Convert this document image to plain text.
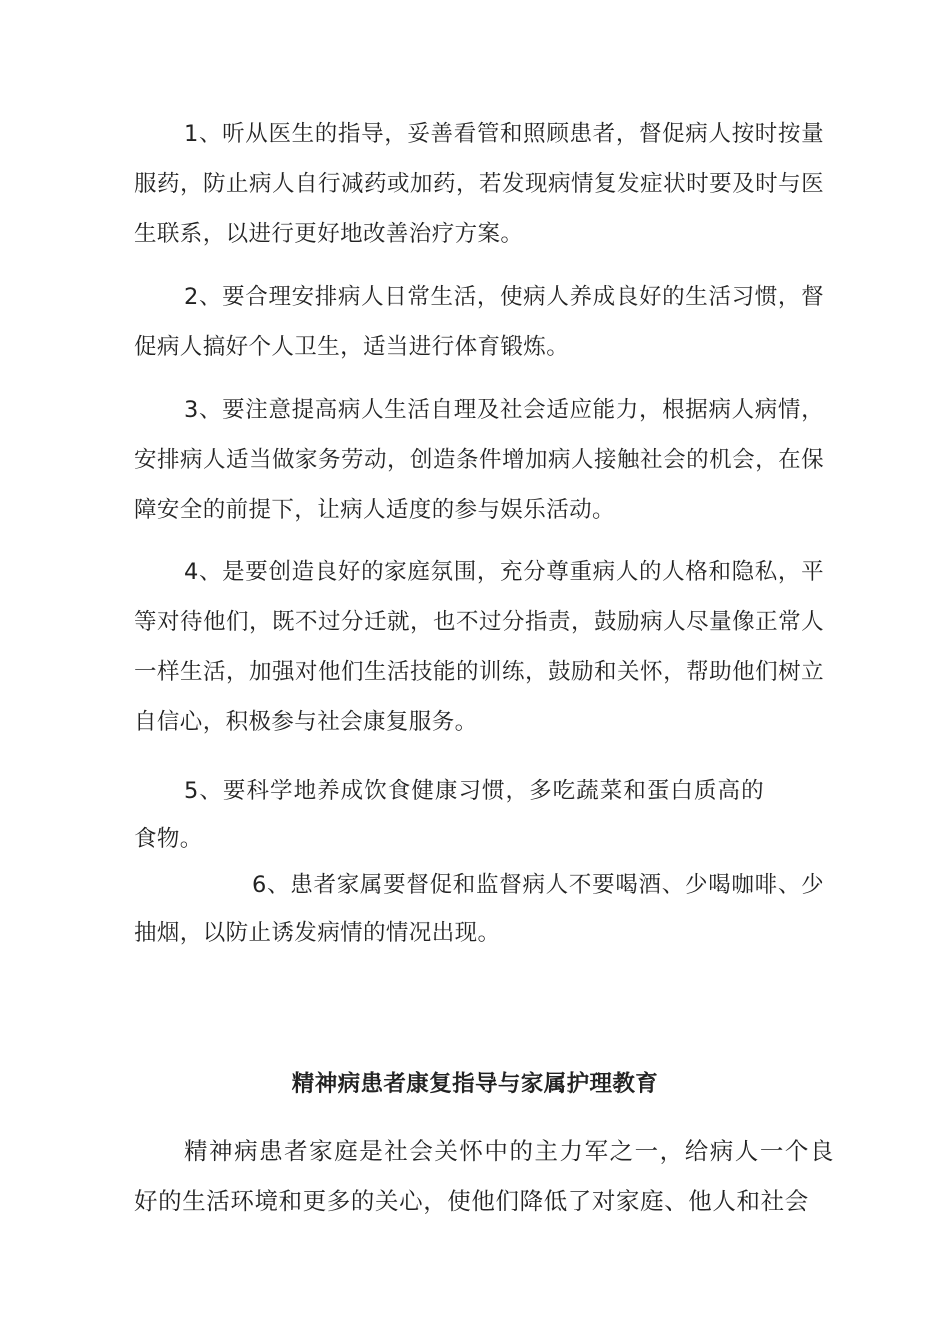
1、听从医生的指导，妥善看管和照顾患者，督促病人按时按量服药，防止病人自行减药或加药，若发现病情复发症状时要及时与医生联系，以进行更好地改善治疗方案。

2、要合理安排病人日常生活，使病人养成良好的生活习惯，督促病人搞好个人卫生，适当进行体育锻炼。

3、要注意提高病人生活自理及社会适应能力，根据病人病情，安排病人适当做家务劳动，创造条件增加病人接触社会的机会，在保障安全的前提下，让病人适度的参与娱乐活动。

4、是要创造良好的家庭氛围，充分尊重病人的人格和隐私，平等对待他们，既不过分迁就，也不过分指责，鼓励病人尽量像正常人一样生活，加强对他们生活技能的训练，鼓励和关怀，帮助他们树立自信心，积极参与社会康复服务。

5、要科学地养成饮食健康习惯，多吃蔬菜和蛋白质高的食物。

6、患者家属要督促和监督病人不要喝酒、少喝咖啡、少抽烟，以防止诱发病情的情况出现。

精神病患者康复指导与家属护理教育

精神病患者家庭是社会关怀中的主力军之一，给病人一个良好的生活环境和更多的关心，使他们降低了对家庭、他人和社会
